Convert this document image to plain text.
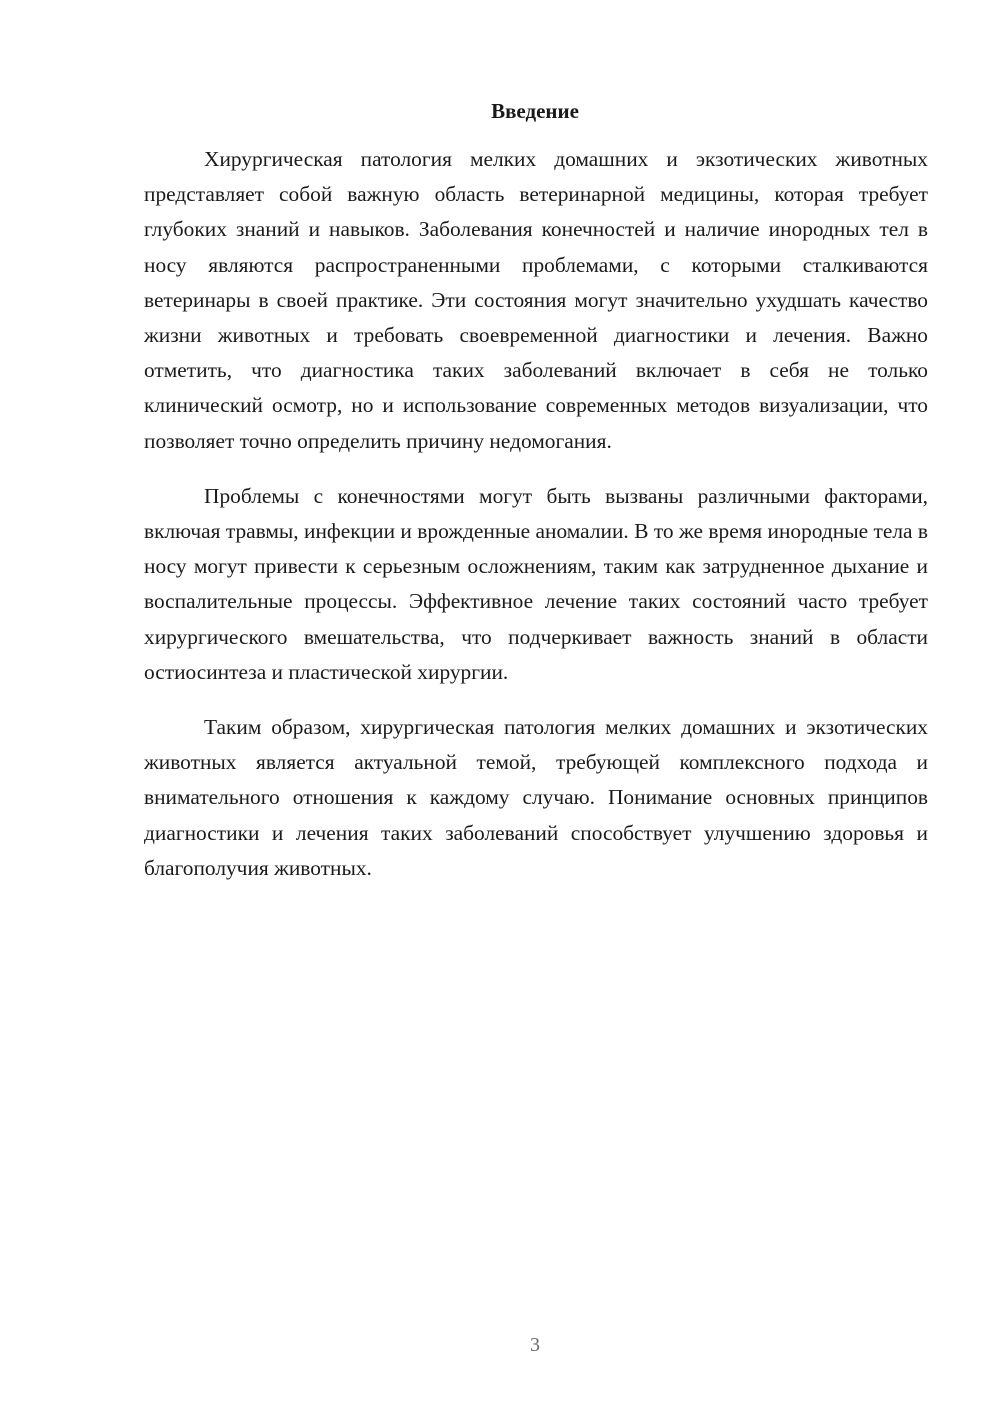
Введение

Хирургическая патология мелких домашних и экзотических животных представляет собой важную область ветеринарной медицины, которая требует глубоких знаний и навыков. Заболевания конечностей и наличие инородных тел в носу являются распространенными проблемами, с которыми сталкиваются ветеринары в своей практике. Эти состояния могут значительно ухудшать качество жизни животных и требовать своевременной диагностики и лечения. Важно отметить, что диагностика таких заболеваний включает в себя не только клинический осмотр, но и использование современных методов визуализации, что позволяет точно определить причину недомогания.

Проблемы с конечностями могут быть вызваны различными факторами, включая травмы, инфекции и врожденные аномалии. В то же время инородные тела в носу могут привести к серьезным осложнениям, таким как затрудненное дыхание и воспалительные процессы. Эффективное лечение таких состояний часто требует хирургического вмешательства, что подчеркивает важность знаний в области остиосинтеза и пластической хирургии.

Таким образом, хирургическая патология мелких домашних и экзотических животных является актуальной темой, требующей комплексного подхода и внимательного отношения к каждому случаю. Понимание основных принципов диагностики и лечения таких заболеваний способствует улучшению здоровья и благополучия животных.

3
